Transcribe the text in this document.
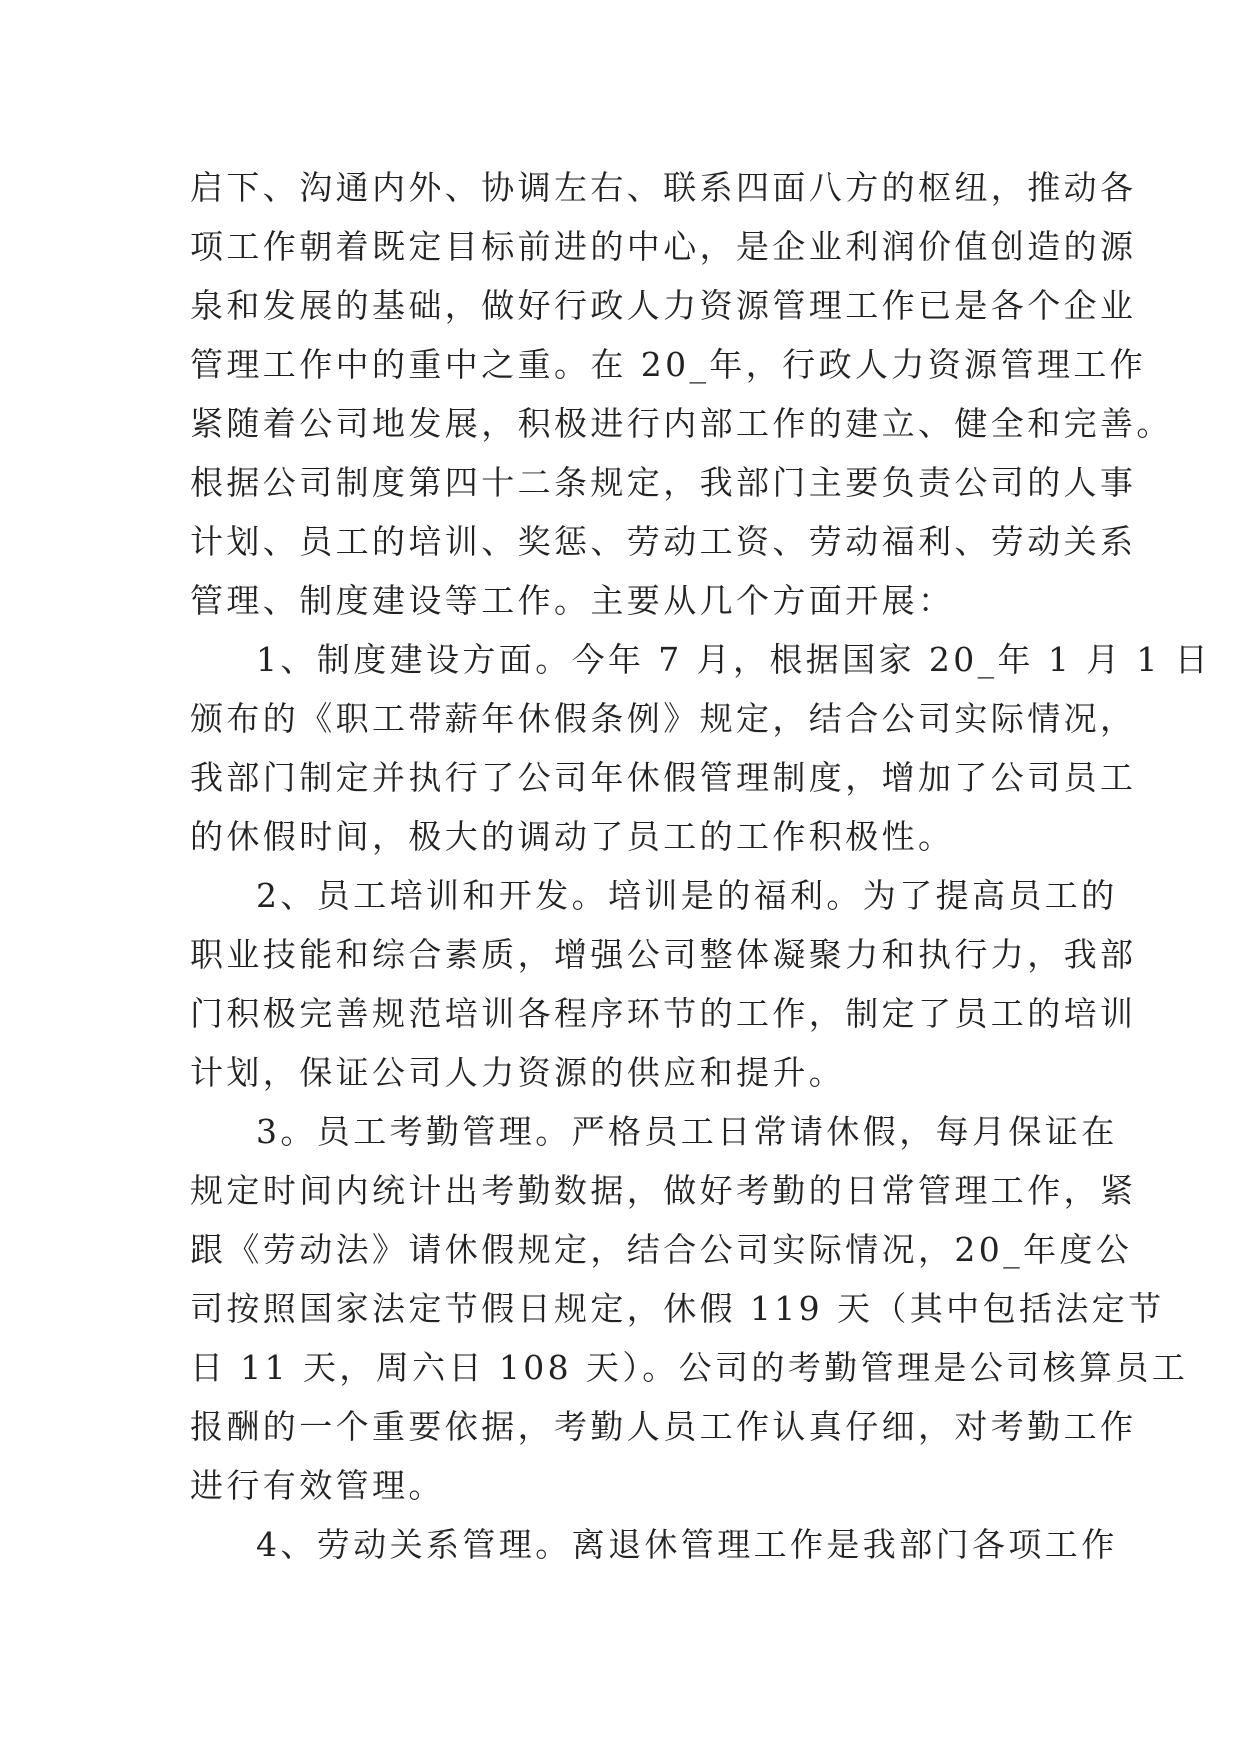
启下、沟通内外、协调左右、联系四面八方的枢纽，推动各
项工作朝着既定目标前进的中心，是企业利润价值创造的源
泉和发展的基础，做好行政人力资源管理工作已是各个企业
管理工作中的重中之重。在 20_年，行政人力资源管理工作
紧随着公司地发展，积极进行内部工作的建立、健全和完善。
根据公司制度第四十二条规定，我部门主要负责公司的人事
计划、员工的培训、奖惩、劳动工资、劳动福利、劳动关系
管理、制度建设等工作。主要从几个方面开展：
1、制度建设方面。今年 7 月，根据国家 20_年 1 月 1 日
颁布的《职工带薪年休假条例》规定，结合公司实际情况，
我部门制定并执行了公司年休假管理制度，增加了公司员工
的休假时间，极大的调动了员工的工作积极性。
2、员工培训和开发。培训是的福利。为了提高员工的
职业技能和综合素质，增强公司整体凝聚力和执行力，我部
门积极完善规范培训各程序环节的工作，制定了员工的培训
计划，保证公司人力资源的供应和提升。
3。员工考勤管理。严格员工日常请休假，每月保证在
规定时间内统计出考勤数据，做好考勤的日常管理工作，紧
跟《劳动法》请休假规定，结合公司实际情况，20_年度公
司按照国家法定节假日规定，休假 119 天（其中包括法定节
日 11 天，周六日 108 天）。公司的考勤管理是公司核算员工
报酬的一个重要依据，考勤人员工作认真仔细，对考勤工作
进行有效管理。
4、劳动关系管理。离退休管理工作是我部门各项工作
